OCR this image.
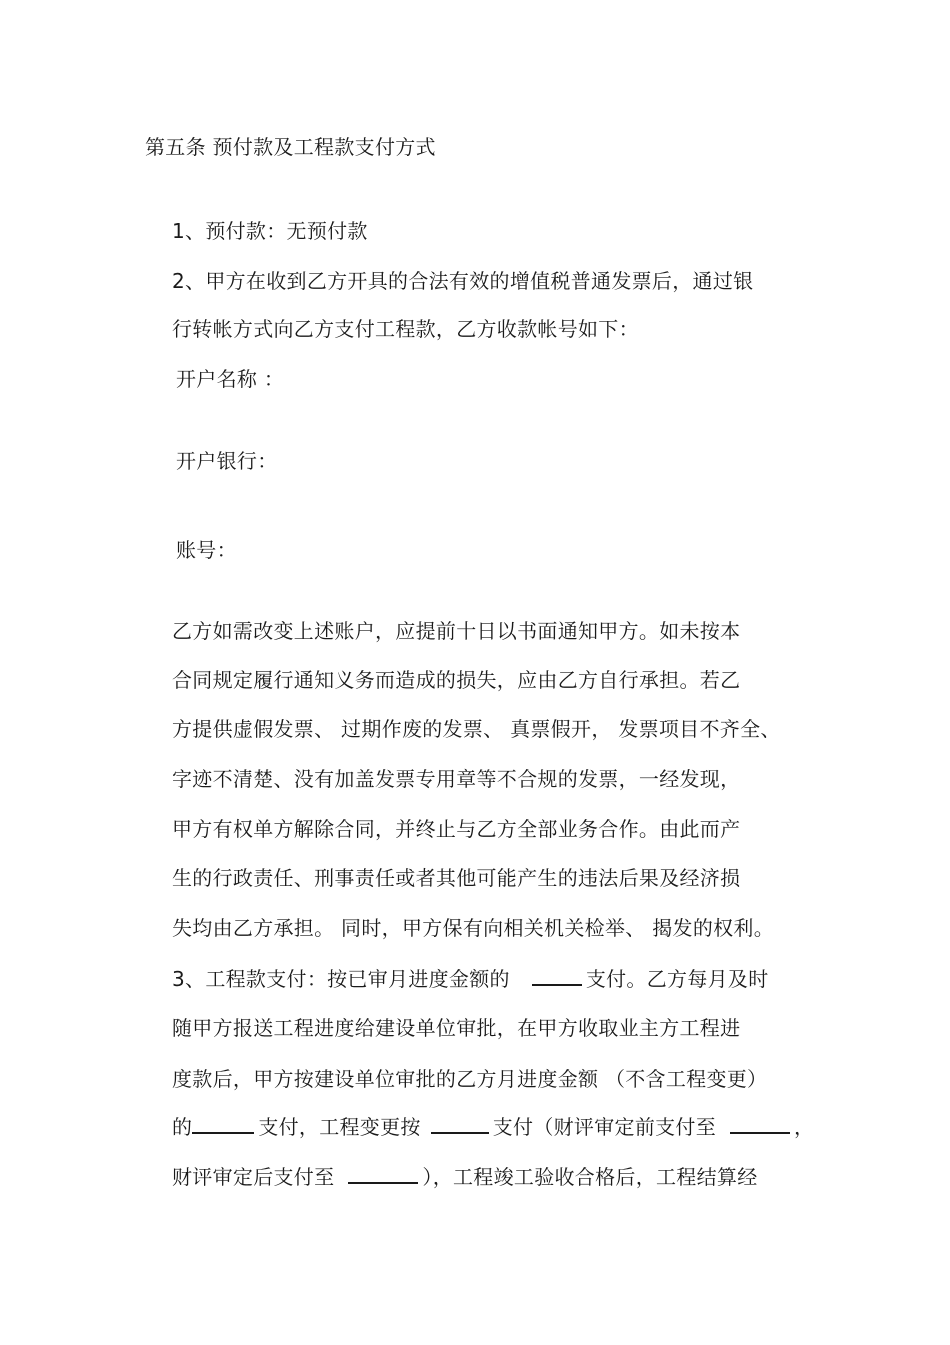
第五条 预付款及工程款支付方式
1、预付款：无预付款
2、甲方在收到乙方开具的合法有效的增值税普通发票后，通过银
行转帐方式向乙方支付工程款，乙方收款帐号如下：
开户名称 ：
开户银行：
账号：
乙方如需改变上述账户，应提前十日以书面通知甲方。如未按本
合同规定履行通知义务而造成的损失，应由乙方自行承担。若乙
方提供虚假发票、 过期作废的发票、 真票假开， 发票项目不齐全、
字迹不清楚、没有加盖发票专用章等不合规的发票，一经发现，
甲方有权单方解除合同，并终止与乙方全部业务合作。由此而产
生的行政责任、刑事责任或者其他可能产生的违法后果及经济损
失均由乙方承担。 同时，甲方保有向相关机关检举、 揭发的权利。
3、工程款支付：按已审月进度金额的	支付。乙方每月及时
随甲方报送工程进度给建设单位审批，在甲方收取业主方工程进
度款后，甲方按建设单位审批的乙方月进度金额 （不含工程变更）
的	支付，工程变更按	支付（财评审定前支付至	，
财评审定后支付至	），工程竣工验收合格后，工程结算经
